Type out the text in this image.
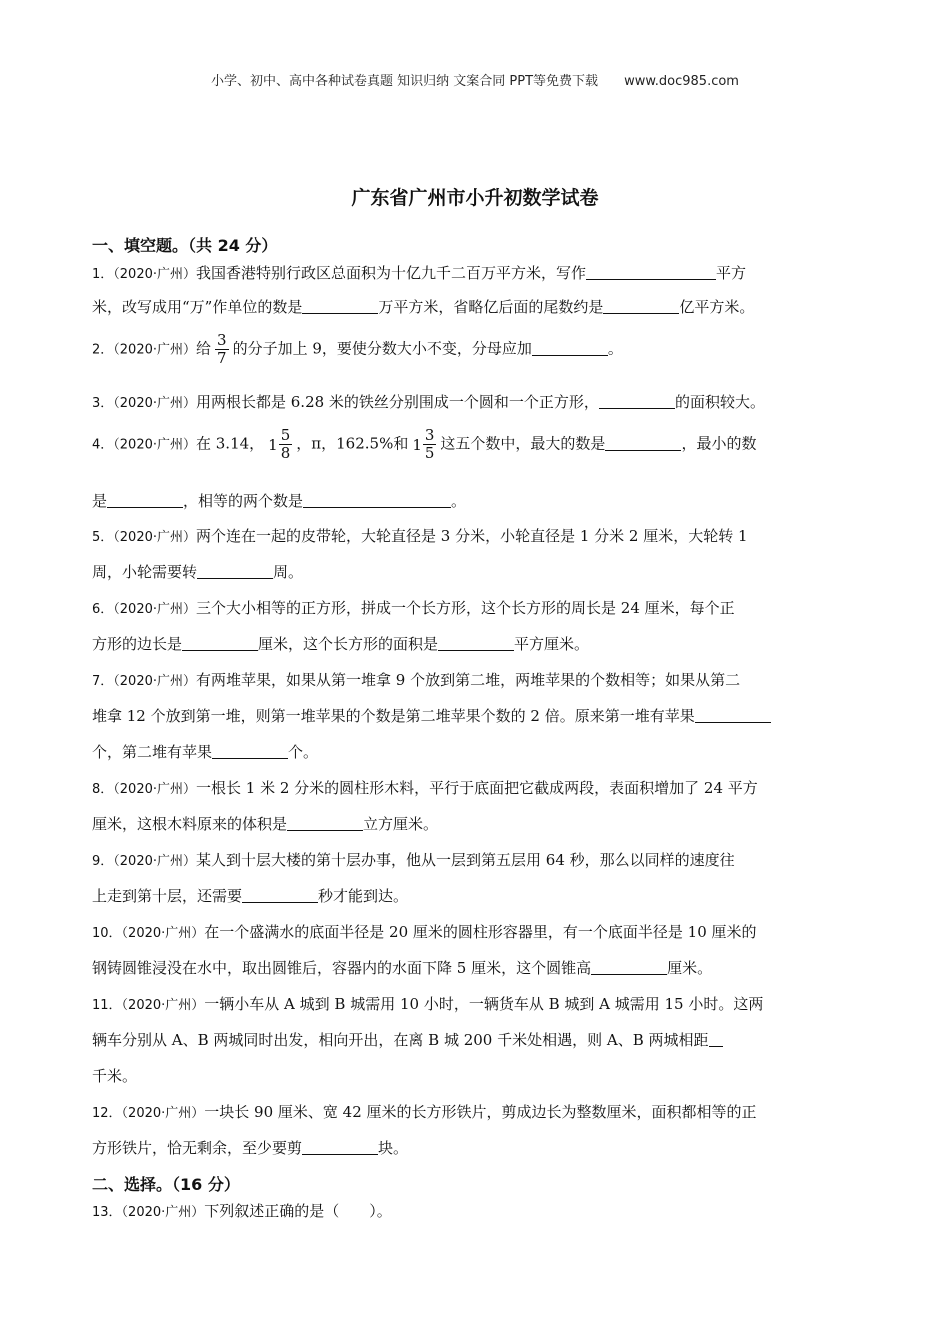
小学、初中、高中各种试卷真题 知识归纳 文案合同 PPT等免费下载 www.doc985.com
广东省广州市小升初数学试卷
一、填空题。（共 24 分）
1．（2020·广州）我国香港特别行政区总面积为十亿九千二百万平方米，写作	平方
米，改写成用“万”作单位的数是	万平方米，省略亿后面的尾数约是	亿平方米。
2．（2020·广州）给 $\frac{3}{7}$ 的分子加上 9，要使分数大小不变，分母应加	。
3．（2020·广州）用两根长都是 6.28 米的铁丝分别围成一个圆和一个正方形，	的面积较大。
4．（2020·广州）在 3.14， $1 \frac{5}{8}$ ，π，162.5%和 $1 \frac{3}{5}$ 这五个数中，最大的数是	，最小的数
是	，相等的两个数是	。
5．（2020·广州）两个连在一起的皮带轮，大轮直径是 3 分米，小轮直径是 1 分米 2 厘米，大轮转 1
周，小轮需要转	周。
6．（2020·广州）三个大小相等的正方形，拼成一个长方形，这个长方形的周长是 24 厘米，每个正
方形的边长是	厘米，这个长方形的面积是	平方厘米。
7．（2020·广州）有两堆苹果，如果从第一堆拿 9 个放到第二堆，两堆苹果的个数相等；如果从第二
堆拿 12 个放到第一堆，则第一堆苹果的个数是第二堆苹果个数的 2 倍。原来第一堆有苹果
个，第二堆有苹果	个。
8．（2020·广州）一根长 1 米 2 分米的圆柱形木料，平行于底面把它截成两段，表面积增加了 24 平方
厘米，这根木料原来的体积是	立方厘米。
9．（2020·广州）某人到十层大楼的第十层办事，他从一层到第五层用 64 秒，那么以同样的速度往
上走到第十层，还需要	秒才能到达。
10．（2020·广州）在一个盛满水的底面半径是 20 厘米的圆柱形容器里，有一个底面半径是 10 厘米的
钢铸圆锥浸没在水中，取出圆锥后，容器内的水面下降 5 厘米，这个圆锥高	厘米。
11．（2020·广州）一辆小车从 A 城到 B 城需用 10 小时，一辆货车从 B 城到 A 城需用 15 小时。这两
辆车分别从 A、B 两城同时出发，相向开出，在离 B 城 200 千米处相遇，则 A、B 两城相距
千米。
12．（2020·广州）一块长 90 厘米、宽 42 厘米的长方形铁片，剪成边长为整数厘米，面积都相等的正
方形铁片，恰无剩余，至少要剪	块。
二、选择。（16 分）
13．（2020·广州）下列叙述正确的是（　　）。
